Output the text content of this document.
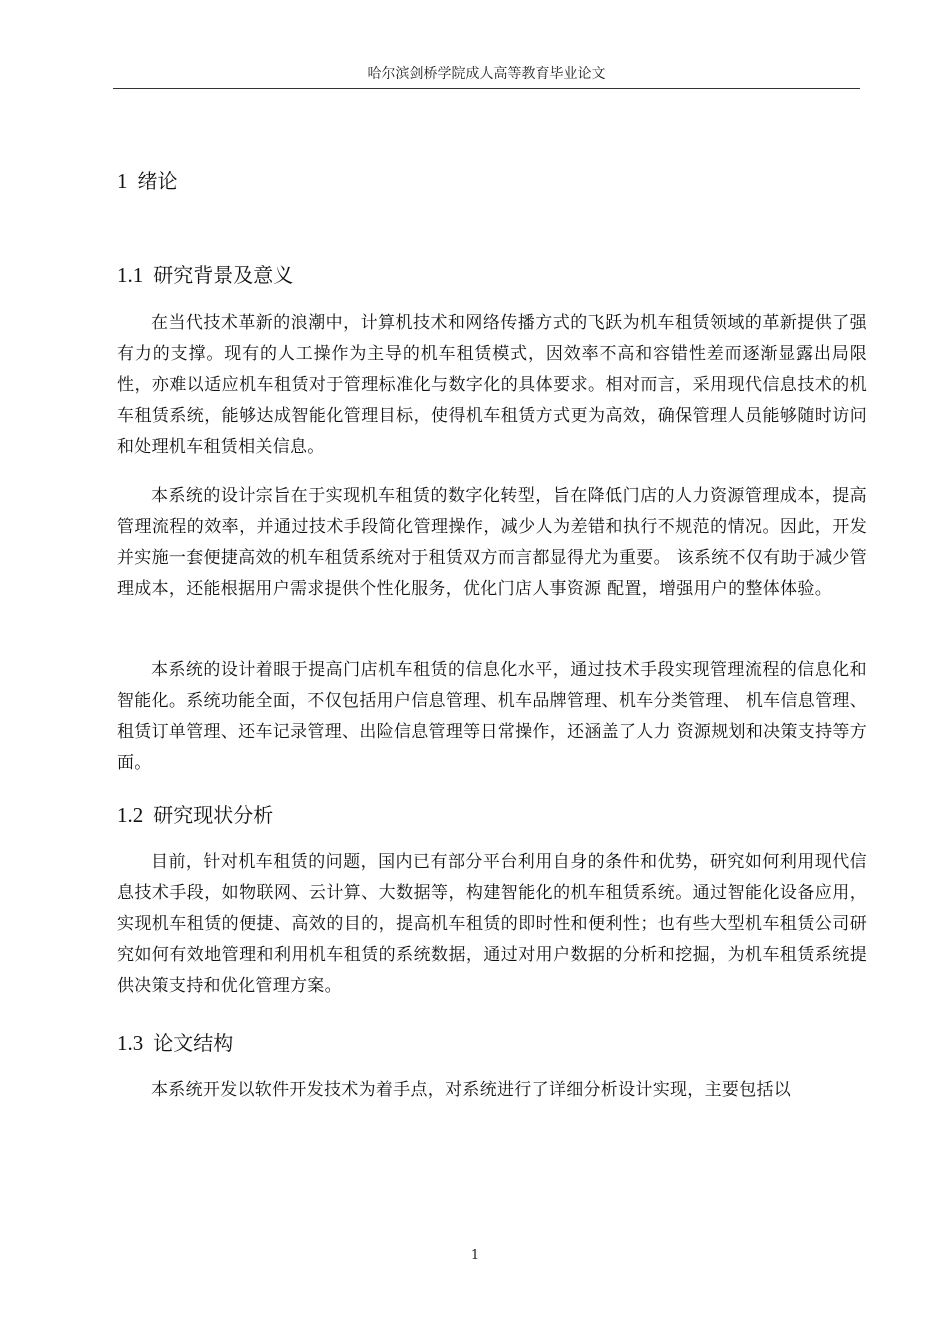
哈尔滨剑桥学院成人高等教育毕业论文
1 绪论
1.1 研究背景及意义

在当代技术革新的浪潮中，计算机技术和网络传播方式的飞跃为机车租赁领域的革新提供了强有力的支撑。现有的人工操作为主导的机车租赁模式，因效率不高和容错性差而逐渐显露出局限性，亦难以适应机车租赁对于管理标准化与数字化的具体要求。相对而言，采用现代信息技术的机车租赁系统，能够达成智能化管理目标，使得机车租赁方式更为高效，确保管理人员能够随时访问和处理机车租赁相关信息。

本系统的设计宗旨在于实现机车租赁的数字化转型，旨在降低门店的人力资源管理成本，提高管理流程的效率，并通过技术手段简化管理操作，减少人为差错和执行不规范的情况。因此，开发并实施一套便捷高效的机车租赁系统对于租赁双方而言都显得尤为重要。 该系统不仅有助于减少管理成本，还能根据用户需求提供个性化服务，优化门店人事资源 配置，增强用户的整体体验。

本系统的设计着眼于提高门店机车租赁的信息化水平，通过技术手段实现管理流程的信息化和智能化。系统功能全面，不仅包括用户信息管理、机车品牌管理、机车分类管理、 机车信息管理、租赁订单管理、还车记录管理、出险信息管理等日常操作，还涵盖了人力 资源规划和决策支持等方面。

1.2 研究现状分析

目前，针对机车租赁的问题，国内已有部分平台利用自身的条件和优势，研究如何利用现代信息技术手段，如物联网、云计算、大数据等，构建智能化的机车租赁系统。通过智能化设备应用，实现机车租赁的便捷、高效的目的，提高机车租赁的即时性和便利性；也有些大型机车租赁公司研究如何有效地管理和利用机车租赁的系统数据，通过对用户数据的分析和挖掘，为机车租赁系统提供决策支持和优化管理方案。

1.3 论文结构

本系统开发以软件开发技术为着手点，对系统进行了详细分析设计实现，主要包括以

1
